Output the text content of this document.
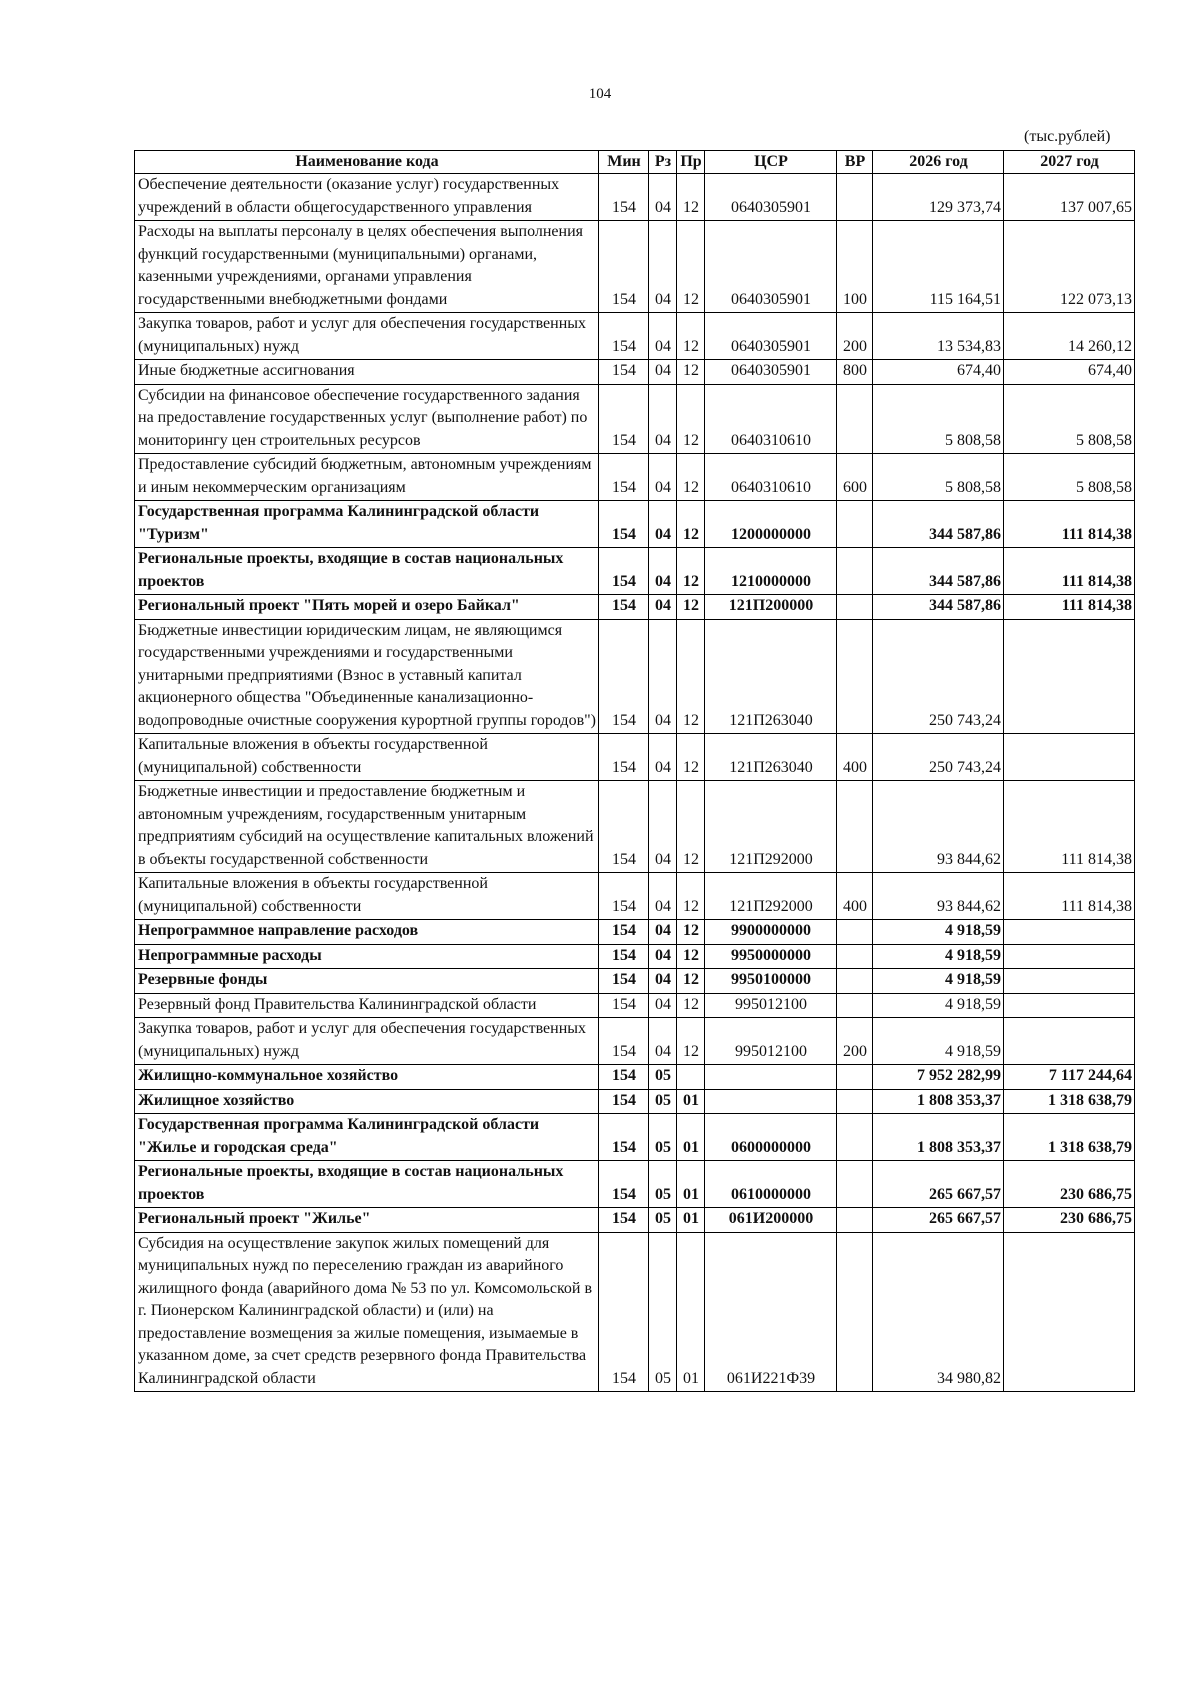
104
(тыс.рублей)
Наименование кода	Мин	Рз	Пр	ЦСР	ВР	2026 год	2027 год
Обеспечение деятельности (оказание услуг) государственных учреждений в области общегосударственного управления	154	04	12	0640305901		129 373,74	137 007,65
Расходы на выплаты персоналу в целях обеспечения выполнения функций государственными (муниципальными) органами, казенными учреждениями, органами управления государственными внебюджетными фондами	154	04	12	0640305901	100	115 164,51	122 073,13
Закупка товаров, работ и услуг для обеспечения государственных (муниципальных) нужд	154	04	12	0640305901	200	13 534,83	14 260,12
Иные бюджетные ассигнования	154	04	12	0640305901	800	674,40	674,40
Субсидии на финансовое обеспечение государственного задания на предоставление государственных услуг (выполнение работ) по мониторингу цен строительных ресурсов	154	04	12	0640310610		5 808,58	5 808,58
Предоставление субсидий бюджетным, автономным учреждениям и иным некоммерческим организациям	154	04	12	0640310610	600	5 808,58	5 808,58
Государственная программа Калининградской области "Туризм"	154	04	12	1200000000		344 587,86	111 814,38
Региональные проекты, входящие в состав национальных проектов	154	04	12	1210000000		344 587,86	111 814,38
Региональный проект "Пять морей и озеро Байкал"	154	04	12	121П200000		344 587,86	111 814,38
Бюджетные инвестиции юридическим лицам, не являющимся государственными учреждениями и государственными унитарными предприятиями (Взнос в уставный капитал акционерного общества "Объединенные канализационно-водопроводные очистные сооружения курортной группы городов")	154	04	12	121П263040		250 743,24	
Капитальные вложения в объекты государственной (муниципальной) собственности	154	04	12	121П263040	400	250 743,24	
Бюджетные инвестиции и предоставление бюджетным и автономным учреждениям, государственным унитарным предприятиям субсидий на осуществление капитальных вложений в объекты государственной собственности	154	04	12	121П292000		93 844,62	111 814,38
Капитальные вложения в объекты государственной (муниципальной) собственности	154	04	12	121П292000	400	93 844,62	111 814,38
Непрограммное направление расходов	154	04	12	9900000000		4 918,59	
Непрограммные расходы	154	04	12	9950000000		4 918,59	
Резервные фонды	154	04	12	9950100000		4 918,59	
Резервный фонд Правительства Калининградской области	154	04	12	995012100		4 918,59	
Закупка товаров, работ и услуг для обеспечения государственных (муниципальных) нужд	154	04	12	995012100	200	4 918,59	
Жилищно-коммунальное хозяйство	154	05				7 952 282,99	7 117 244,64
Жилищное хозяйство	154	05	01			1 808 353,37	1 318 638,79
Государственная программа Калининградской области "Жилье и городская среда"	154	05	01	0600000000		1 808 353,37	1 318 638,79
Региональные проекты, входящие в состав национальных проектов	154	05	01	0610000000		265 667,57	230 686,75
Региональный проект "Жилье"	154	05	01	061И200000		265 667,57	230 686,75
Субсидия на осуществление закупок жилых помещений для муниципальных нужд по переселению граждан из аварийного жилищного фонда (аварийного дома № 53 по ул. Комсомольской в г. Пионерском Калининградской области) и (или) на предоставление возмещения за жилые помещения, изымаемые в указанном доме, за счет средств резервного фонда Правительства Калининградской области	154	05	01	061И221Ф39		34 980,82	
